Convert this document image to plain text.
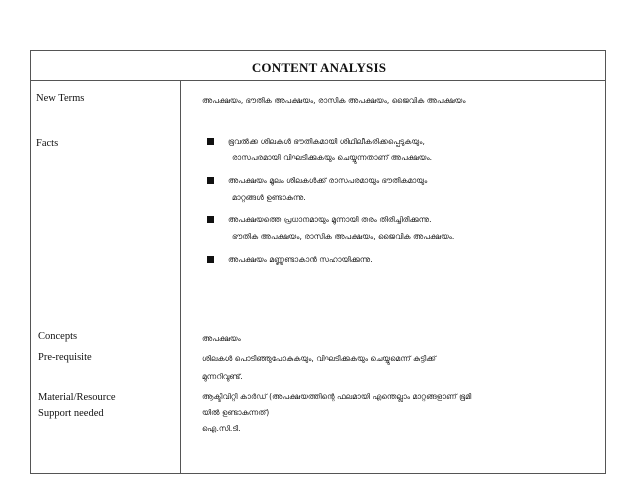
CONTENT ANALYSIS
New Terms
Facts
Concepts
Pre-requisite
Material/Resource
Support needed
അപക്ഷയം, ഭൗതിക അപക്ഷയം, രാസിക അപക്ഷയം, ജൈവിക അപക്ഷയം
ഭൂവൽക്ക ശിലകൾ ഭൗതികമായി ശിഥിലീകരിക്കപ്പെടുകയും,
രാസപരമായി വിഘടിക്കുകയും ചെയ്യുന്നതാണ് അപക്ഷയം.
അപക്ഷയം മൂലം ശിലകൾക്ക് രാസപരമായും ഭൗതികമായും
മാറ്റങ്ങൾ ഉണ്ടാകുന്നു.
അപക്ഷയത്തെ പ്രധാനമായും മൂന്നായി തരം തിരിച്ചിരിക്കുന്നു.
ഭൗതിക അപക്ഷയം, രാസിക അപക്ഷയം, ജൈവിക അപക്ഷയം.
അപക്ഷയം മണ്ണുണ്ടാകാൻ സഹായിക്കുന്നു.
അപക്ഷയം
ശിലകൾ പൊടിഞ്ഞുപോകുകയും, വിഘടിക്കുകയും ചെയ്യുമെന്ന് കുട്ടിക്ക്
മുന്നറിവുണ്ട്.
ആക്ടിവിറ്റി കാർഡ് (അപക്ഷയത്തിന്റെ ഫലമായി എന്തെല്ലാം മാറ്റങ്ങളാണ് ഭൂമി
യിൽ ഉണ്ടാകുന്നത്)
ഐ.സി.ടി.
